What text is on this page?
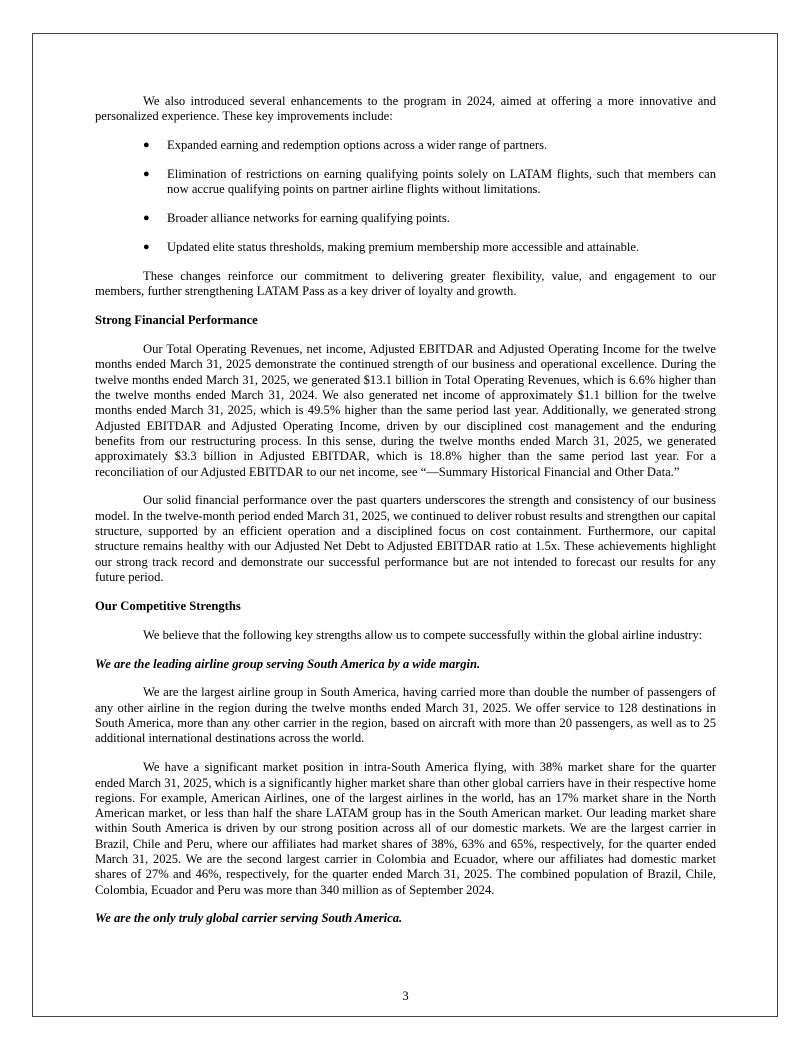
We also introduced several enhancements to the program in 2024, aimed at offering a more innovative and personalized experience. These key improvements include:

●	Expanded earning and redemption options across a wider range of partners.
●	Elimination of restrictions on earning qualifying points solely on LATAM flights, such that members can now accrue qualifying points on partner airline flights without limitations.
●	Broader alliance networks for earning qualifying points.
●	Updated elite status thresholds, making premium membership more accessible and attainable.

These changes reinforce our commitment to delivering greater flexibility, value, and engagement to our members, further strengthening LATAM Pass as a key driver of loyalty and growth.

Strong Financial Performance

Our Total Operating Revenues, net income, Adjusted EBITDAR and Adjusted Operating Income for the twelve months ended March 31, 2025 demonstrate the continued strength of our business and operational excellence. During the twelve months ended March 31, 2025, we generated $13.1 billion in Total Operating Revenues, which is 6.6% higher than the twelve months ended March 31, 2024. We also generated net income of approximately $1.1 billion for the twelve months ended March 31, 2025, which is 49.5% higher than the same period last year. Additionally, we generated strong Adjusted EBITDAR and Adjusted Operating Income, driven by our disciplined cost management and the enduring benefits from our restructuring process. In this sense, during the twelve months ended March 31, 2025, we generated approximately $3.3 billion in Adjusted EBITDAR, which is 18.8% higher than the same period last year. For a reconciliation of our Adjusted EBITDAR to our net income, see “—Summary Historical Financial and Other Data.”

Our solid financial performance over the past quarters underscores the strength and consistency of our business model. In the twelve-month period ended March 31, 2025, we continued to deliver robust results and strengthen our capital structure, supported by an efficient operation and a disciplined focus on cost containment. Furthermore, our capital structure remains healthy with our Adjusted Net Debt to Adjusted EBITDAR ratio at 1.5x. These achievements highlight our strong track record and demonstrate our successful performance but are not intended to forecast our results for any future period.

Our Competitive Strengths

We believe that the following key strengths allow us to compete successfully within the global airline industry:

We are the leading airline group serving South America by a wide margin.

We are the largest airline group in South America, having carried more than double the number of passengers of any other airline in the region during the twelve months ended March 31, 2025. We offer service to 128 destinations in South America, more than any other carrier in the region, based on aircraft with more than 20 passengers, as well as to 25 additional international destinations across the world.

We have a significant market position in intra-South America flying, with 38% market share for the quarter ended March 31, 2025, which is a significantly higher market share than other global carriers have in their respective home regions. For example, American Airlines, one of the largest airlines in the world, has an 17% market share in the North American market, or less than half the share LATAM group has in the South American market. Our leading market share within South America is driven by our strong position across all of our domestic markets. We are the largest carrier in Brazil, Chile and Peru, where our affiliates had market shares of 38%, 63% and 65%, respectively, for the quarter ended March 31, 2025. We are the second largest carrier in Colombia and Ecuador, where our affiliates had domestic market shares of 27% and 46%, respectively, for the quarter ended March 31, 2025. The combined population of Brazil, Chile, Colombia, Ecuador and Peru was more than 340 million as of September 2024.

We are the only truly global carrier serving South America.

3
